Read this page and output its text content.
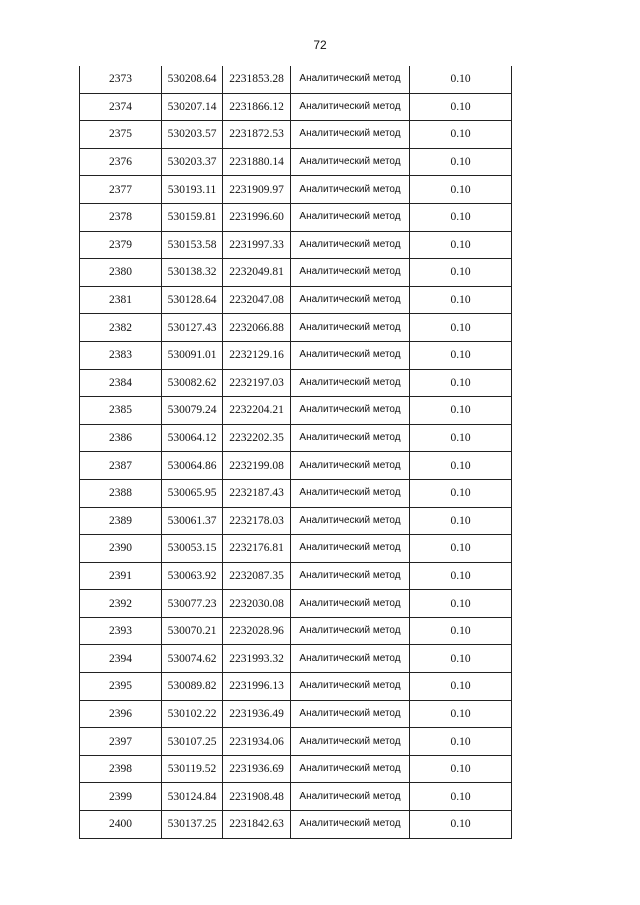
72
2373	530208.64	2231853.28	Аналитический метод	0.10
2374	530207.14	2231866.12	Аналитический метод	0.10
2375	530203.57	2231872.53	Аналитический метод	0.10
2376	530203.37	2231880.14	Аналитический метод	0.10
2377	530193.11	2231909.97	Аналитический метод	0.10
2378	530159.81	2231996.60	Аналитический метод	0.10
2379	530153.58	2231997.33	Аналитический метод	0.10
2380	530138.32	2232049.81	Аналитический метод	0.10
2381	530128.64	2232047.08	Аналитический метод	0.10
2382	530127.43	2232066.88	Аналитический метод	0.10
2383	530091.01	2232129.16	Аналитический метод	0.10
2384	530082.62	2232197.03	Аналитический метод	0.10
2385	530079.24	2232204.21	Аналитический метод	0.10
2386	530064.12	2232202.35	Аналитический метод	0.10
2387	530064.86	2232199.08	Аналитический метод	0.10
2388	530065.95	2232187.43	Аналитический метод	0.10
2389	530061.37	2232178.03	Аналитический метод	0.10
2390	530053.15	2232176.81	Аналитический метод	0.10
2391	530063.92	2232087.35	Аналитический метод	0.10
2392	530077.23	2232030.08	Аналитический метод	0.10
2393	530070.21	2232028.96	Аналитический метод	0.10
2394	530074.62	2231993.32	Аналитический метод	0.10
2395	530089.82	2231996.13	Аналитический метод	0.10
2396	530102.22	2231936.49	Аналитический метод	0.10
2397	530107.25	2231934.06	Аналитический метод	0.10
2398	530119.52	2231936.69	Аналитический метод	0.10
2399	530124.84	2231908.48	Аналитический метод	0.10
2400	530137.25	2231842.63	Аналитический метод	0.10
